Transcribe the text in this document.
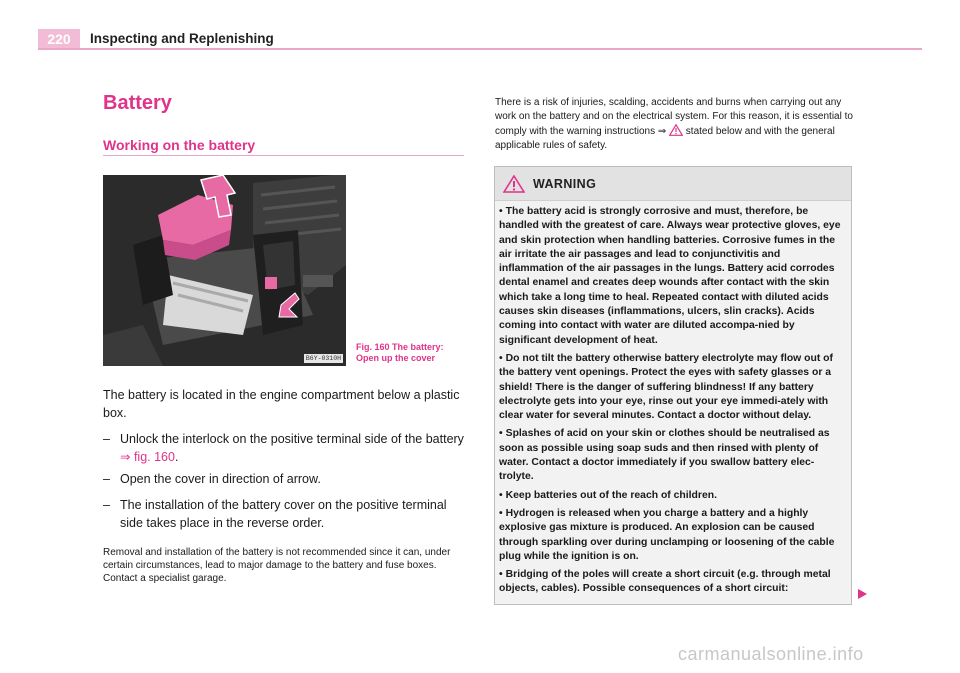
220	Inspecting and Replenishing
Battery
Working on the battery
B6Y-0310H
Fig. 160 The battery:
Open up the cover
The battery is located in the engine compartment below a plastic box.
– Unlock the interlock on the positive terminal side of the battery
⇒ fig. 160.
– Open the cover in direction of arrow.
– The installation of the battery cover on the positive terminal side takes place in the reverse order.
Removal and installation of the battery is not recommended since it can, under certain circumstances, lead to major damage to the battery and fuse boxes. Contact a specialist garage.
There is a risk of injuries, scalding, accidents and burns when carrying out any work on the battery and on the electrical system. For this reason, it is essential to comply with the warning instructions ⇒ stated below and with the general applicable rules of safety.
WARNING
• The battery acid is strongly corrosive and must, therefore, be handled with the greatest of care. Always wear protective gloves, eye and skin protection when handling batteries. Corrosive fumes in the air irritate the air passages and lead to conjunctivitis and inflammation of the air passages in the lungs. Battery acid corrodes dental enamel and creates deep wounds after contact with the skin which take a long time to heal. Repeated contact with diluted acids causes skin diseases (inflammations, ulcers, slin cracks). Acids coming into contact with water are diluted accompa-nied by significant development of heat.
• Do not tilt the battery otherwise battery electrolyte may flow out of the battery vent openings. Protect the eyes with safety glasses or a shield! There is the danger of suffering blindness! If any battery electrolyte gets into your eye, rinse out your eye immedi-ately with clear water for several minutes. Contact a doctor without delay.
• Splashes of acid on your skin or clothes should be neutralised as soon as possible using soap suds and then rinsed with plenty of water. Contact a doctor immediately if you swallow battery elec-trolyte.
• Keep batteries out of the reach of children.
• Hydrogen is released when you charge a battery and a highly explosive gas mixture is produced. An explosion can be caused through sparkling over during unclamping or loosening of the cable plug while the ignition is on.
• Bridging of the poles will create a short circuit (e.g. through metal objects, cables). Possible consequences of a short circuit:
carmanualsonline.info
